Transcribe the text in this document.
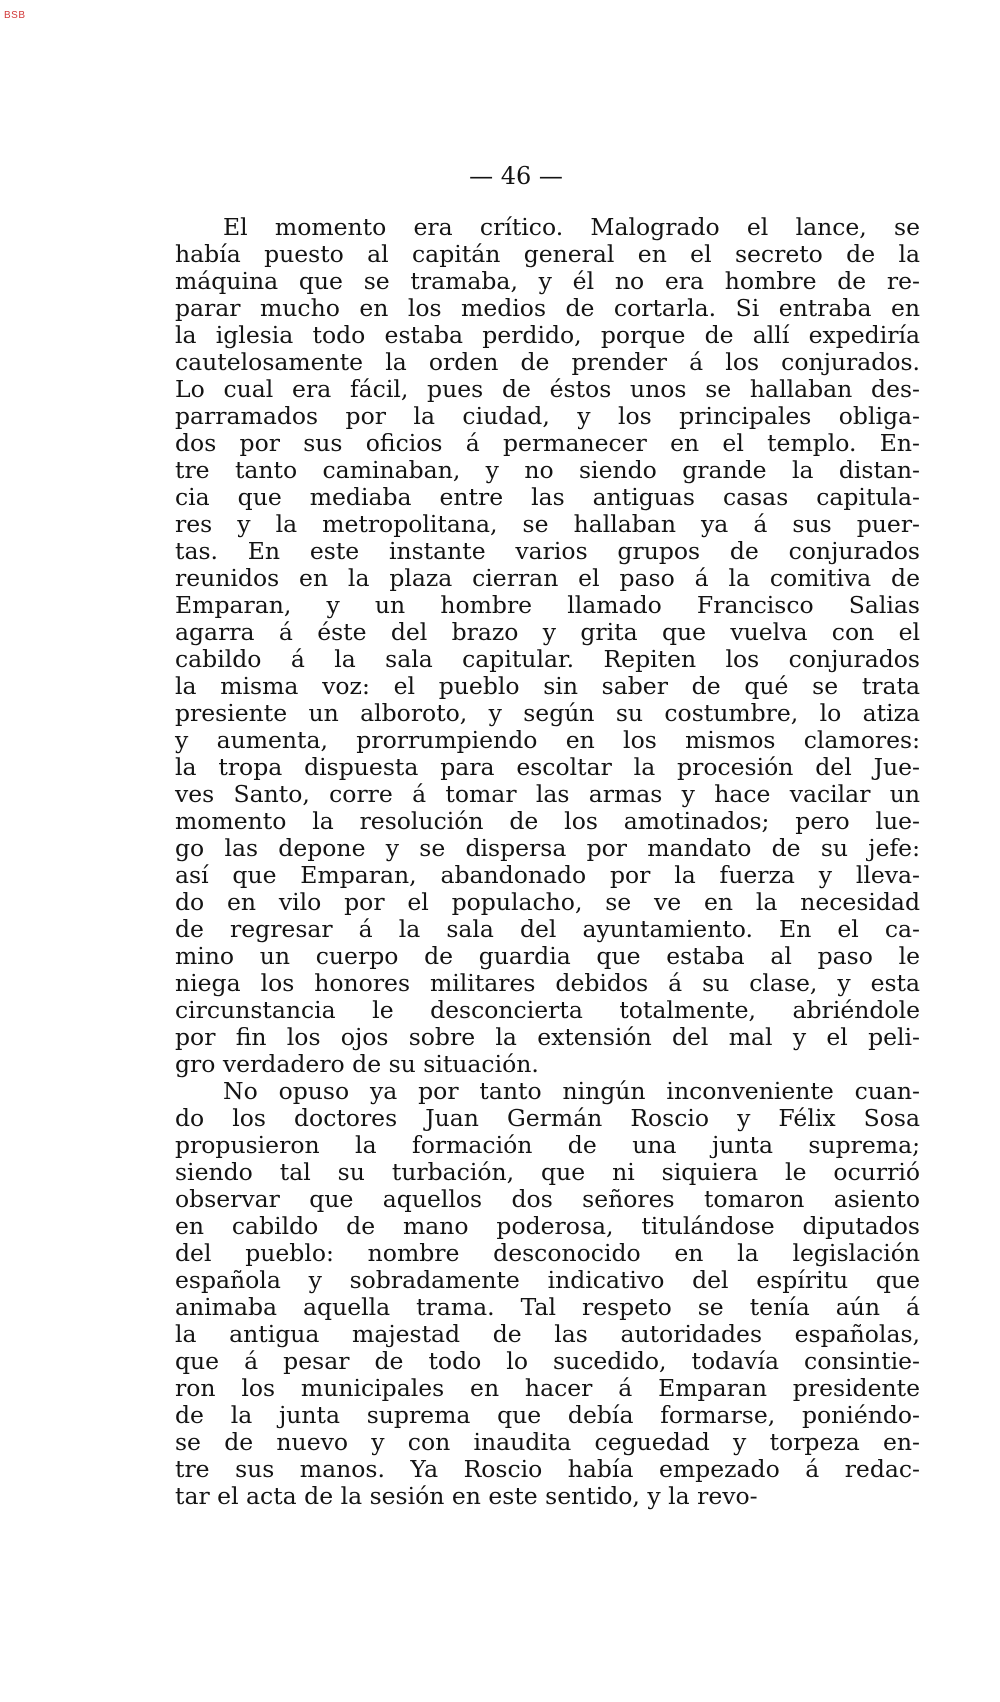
BSB
— 46 —
El momento era crítico. Malogrado el lance, se
había puesto al capitán general en el secreto de la
máquina que se tramaba, y él no era hombre de re-
parar mucho en los medios de cortarla. Si entraba en
la iglesia todo estaba perdido, porque de allí expediría
cautelosamente la orden de prender á los conjurados.
Lo cual era fácil, pues de éstos unos se hallaban des-
parramados por la ciudad, y los principales obliga-
dos por sus oficios á permanecer en el templo. En-
tre tanto caminaban, y no siendo grande la distan-
cia que mediaba entre las antiguas casas capitula-
res y la metropolitana, se hallaban ya á sus puer-
tas. En este instante varios grupos de conjurados
reunidos en la plaza cierran el paso á la comitiva de
Emparan, y un hombre llamado Francisco Salias
agarra á éste del brazo y grita que vuelva con el
cabildo á la sala capitular. Repiten los conjurados
la misma voz: el pueblo sin saber de qué se trata
presiente un alboroto, y según su costumbre, lo atiza
y aumenta, prorrumpiendo en los mismos clamores:
la tropa dispuesta para escoltar la procesión del Jue-
ves Santo, corre á tomar las armas y hace vacilar un
momento la resolución de los amotinados; pero lue-
go las depone y se dispersa por mandato de su jefe:
así que Emparan, abandonado por la fuerza y lleva-
do en vilo por el populacho, se ve en la necesidad
de regresar á la sala del ayuntamiento. En el ca-
mino un cuerpo de guardia que estaba al paso le
niega los honores militares debidos á su clase, y esta
circunstancia le desconcierta totalmente, abriéndole
por fin los ojos sobre la extensión del mal y el peli-
gro verdadero de su situación.
No opuso ya por tanto ningún inconveniente cuan-
do los doctores Juan Germán Roscio y Félix Sosa
propusieron la formación de una junta suprema;
siendo tal su turbación, que ni siquiera le ocurrió
observar que aquellos dos señores tomaron asiento
en cabildo de mano poderosa, titulándose diputados
del pueblo: nombre desconocido en la legislación
española y sobradamente indicativo del espíritu que
animaba aquella trama. Tal respeto se tenía aún á
la antigua majestad de las autoridades españolas,
que á pesar de todo lo sucedido, todavía consintie-
ron los municipales en hacer á Emparan presidente
de la junta suprema que debía formarse, poniéndo-
se de nuevo y con inaudita ceguedad y torpeza en-
tre sus manos. Ya Roscio había empezado á redac-
tar el acta de la sesión en este sentido, y la revo-
